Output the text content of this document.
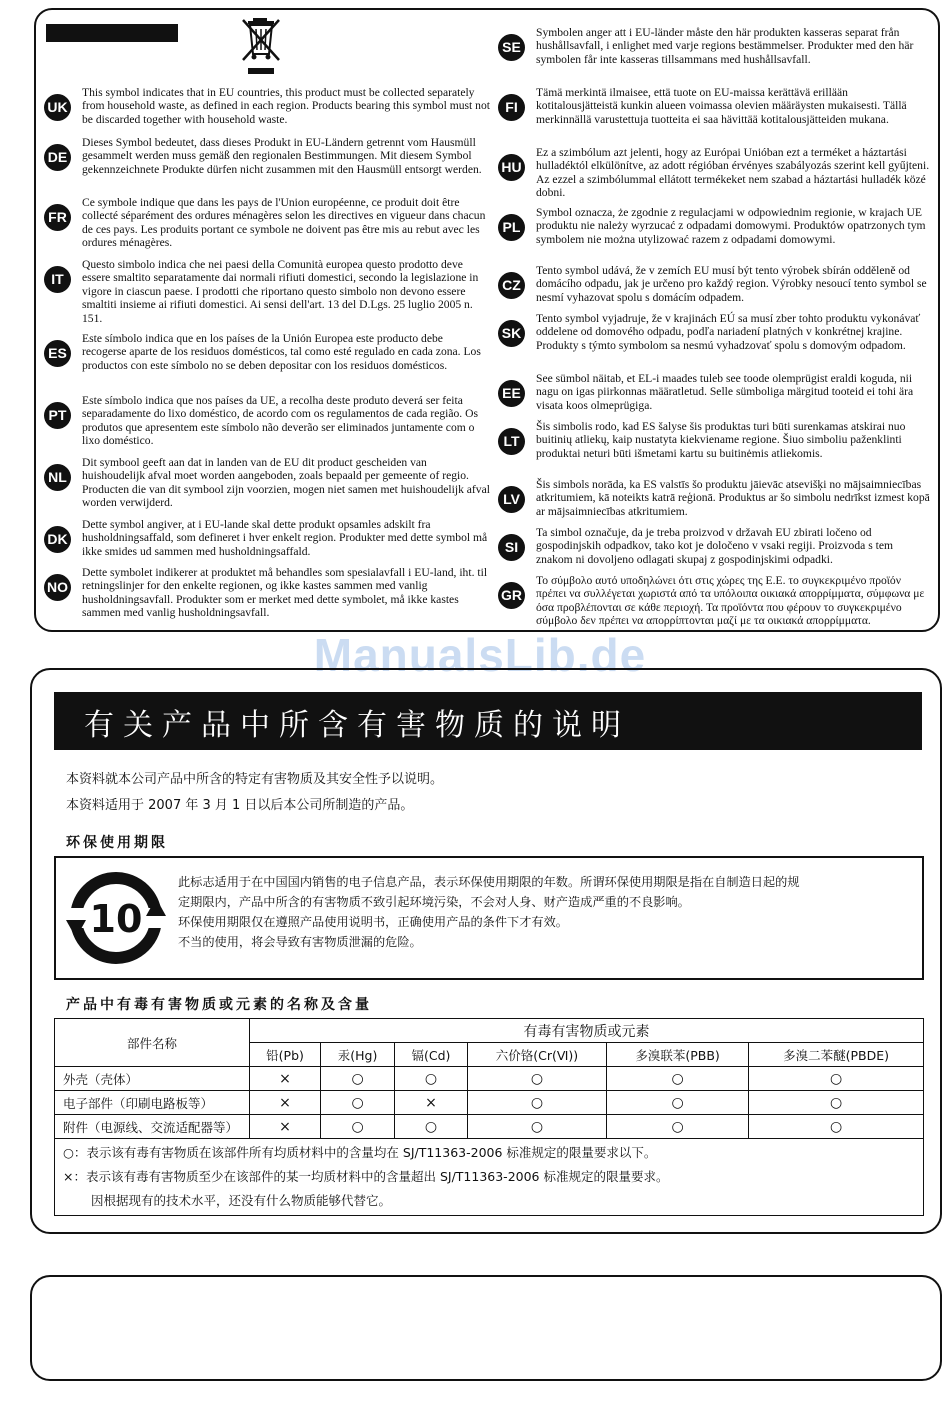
UK
This symbol indicates that in EU countries, this product must be collected separately from household waste, as defined in each region. Products bearing this symbol must not be discarded together with household waste.
DE
Dieses Symbol bedeutet, dass dieses Produkt in EU-Ländern getrennt vom Hausmüll gesammelt werden muss gemäß den regionalen Bestimmungen. Mit diesem Symbol gekennzeichnete Produkte dürfen nicht zusammen mit den Hausmüll entsorgt werden.
FR
Ce symbole indique que dans les pays de l'Union européenne, ce produit doit être collecté séparément des ordures ménagères selon les directives en vigueur dans chacun de ces pays. Les produits portant ce symbole ne doivent pas être mis au rebut avec les ordures ménagères.
IT
Questo simbolo indica che nei paesi della Comunità europea questo prodotto deve essere smaltito separatamente dai normali rifiuti domestici, secondo la legislazione in vigore in ciascun paese. I prodotti che riportano questo simbolo non devono essere smaltiti insieme ai rifiuti domestici. Ai sensi dell'art. 13 del D.Lgs. 25 luglio 2005 n. 151.
ES
Este símbolo indica que en los países de la Unión Europea este producto debe recogerse aparte de los residuos domésticos, tal como esté regulado en cada zona. Los productos con este símbolo no se deben depositar con los residuos domésticos.
PT
Este símbolo indica que nos países da UE, a recolha deste produto deverá ser feita separadamente do lixo doméstico, de acordo com os regulamentos de cada região. Os produtos que apresentem este símbolo não deverão ser eliminados juntamente com o lixo doméstico.
NL
Dit symbool geeft aan dat in landen van de EU dit product gescheiden van huishoudelijk afval moet worden aangeboden, zoals bepaald per gemeente of regio. Producten die van dit symbool zijn voorzien, mogen niet samen met huishoudelijk afval worden verwijderd.
DK
Dette symbol angiver, at i EU-lande skal dette produkt opsamles adskilt fra husholdningsaffald, som defineret i hver enkelt region. Produkter med dette symbol må ikke smides ud sammen med husholdningsaffald.
NO
Dette symbolet indikerer at produktet må behandles som spesialavfall i EU-land, iht. til retningslinjer for den enkelte regionen, og ikke kastes sammen med vanlig husholdningsavfall. Produkter som er merket med dette symbolet, må ikke kastes sammen med vanlig husholdningsavfall.
SE
Symbolen anger att i EU-länder måste den här produkten kasseras separat från hushållsavfall, i enlighet med varje regions bestämmelser. Produkter med den här symbolen får inte kasseras tillsammans med hushållsavfall.
FI
Tämä merkintä ilmaisee, että tuote on EU-maissa kerättävä erillään kotitalousjätteistä kunkin alueen voimassa olevien määräysten mukaisesti. Tällä merkinnällä varustettuja tuotteita ei saa hävittää kotitalousjätteiden mukana.
HU
Ez a szimbólum azt jelenti, hogy az Európai Unióban ezt a terméket a háztartási hulladéktól elkülönítve, az adott régióban érvényes szabályozás szerint kell gyűjteni. Az ezzel a szimbólummal ellátott termékeket nem szabad a háztartási hulladék közé dobni.
PL
Symbol oznacza, że zgodnie z regulacjami w odpowiednim regionie, w krajach UE produktu nie należy wyrzucać z odpadami domowymi. Produktów opatrzonych tym symbolem nie można utylizować razem z odpadami domowymi.
CZ
Tento symbol udává, že v zemích EU musí být tento výrobek sbírán odděleně od domácího odpadu, jak je určeno pro každý region. Výrobky nesoucí tento symbol se nesmí vyhazovat spolu s domácím odpadem.
SK
Tento symbol vyjadruje, že v krajinách EÚ sa musí zber tohto produktu vykonávať oddelene od domového odpadu, podľa nariadení platných v konkrétnej krajine. Produkty s týmto symbolom sa nesmú vyhadzovať spolu s domovým odpadom.
EE
See sümbol näitab, et EL-i maades tuleb see toode olemprügist eraldi koguda, nii nagu on igas piirkonnas määratletud. Selle sümboliga märgitud tooteid ei tohi ära visata koos olmeprügiga.
LT
Šis simbolis rodo, kad ES šalyse šis produktas turi būti surenkamas atskirai nuo buitinių atliekų, kaip nustatyta kiekviename regione. Šiuo simboliu paženklinti produktai neturi būti išmetami kartu su buitinėmis atliekomis.
LV
Šis simbols norāda, ka ES valstīs šo produktu jāievāc atsevišķi no mājsaimniecības atkritumiem, kā noteikts katrā reģionā. Produktus ar šo simbolu nedrīkst izmest kopā ar mājsaimniecības atkritumiem.
SI
Ta simbol označuje, da je treba proizvod v državah EU zbirati ločeno od gospodinjskih odpadkov, tako kot je določeno v vsaki regiji. Proizvoda s tem znakom ni dovoljeno odlagati skupaj z gospodinjskimi odpadki.
GR
Το σύμβολο αυτό υποδηλώνει ότι στις χώρες της Ε.Ε. το συγκεκριμένο προϊόν πρέπει να συλλέγεται χωριστά από τα υπόλοιπα οικιακά απορρίμματα, σύμφωνα με όσα προβλέπονται σε κάθε περιοχή. Τα προϊόντα που φέρουν το συγκεκριμένο σύμβολο δεν πρέπει να απορρίπτονται μαζί με τα οικιακά απορρίμματα.
ManualsLib.de
有关产品中所含有害物质的说明
本资料就本公司产品中所含的特定有害物质及其安全性予以说明。
本资料适用于 2007 年 3 月 1 日以后本公司所制造的产品。
环保使用期限
10
此标志适用于在中国国内销售的电子信息产品，表示环保使用期限的年数。所谓环保使用期限是指在自制造日起的规
定期限内，产品中所含的有害物质不致引起环境污染，不会对人身、财产造成严重的不良影响。
环保使用期限仅在遵照产品使用说明书，正确使用产品的条件下才有效。
不当的使用，将会导致有害物质泄漏的危险。
产品中有毒有害物质或元素的名称及含量
部件名称	有毒有害物质或元素					
	铅(Pb)	汞(Hg)	镉(Cd)	六价铬(Cr(Ⅵ))	多溴联苯(PBB)	多溴二苯醚(PBDE)
外壳（壳体）	×	○	○	○	○	○
电子部件（印刷电路板等）	×	○	×	○	○	○
附件（电源线、交流适配器等）	×	○	○	○	○	○

○：表示该有毒有害物质在该部件所有均质材料中的含量均在 SJ/T11363-2006 标准规定的限量要求以下。
×：表示该有毒有害物质至少在该部件的某一均质材料中的含量超出 SJ/T11363-2006 标准规定的限量要求。
因根据现有的技术水平，还没有什么物质能够代替它。						
